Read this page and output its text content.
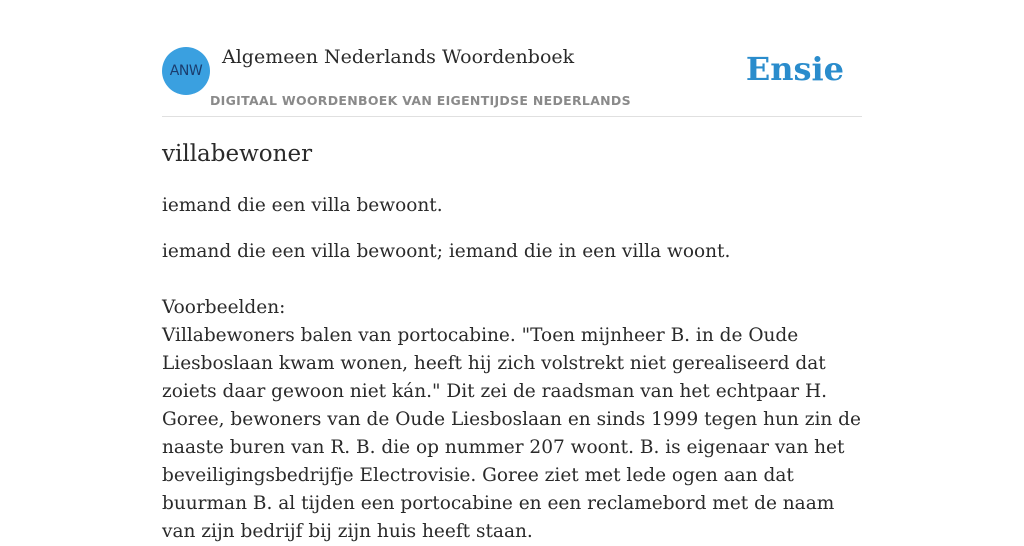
ANW
Algemeen Nederlands Woordenboek
DIGITAAL WOORDENBOEK VAN EIGENTIJDSE NEDERLANDS
Ensie
villabewoner

iemand die een villa bewoont.

iemand die een villa bewoont; iemand die in een villa woont.

Voorbeelden:
Villabewoners balen van portocabine. "Toen mijnheer B. in de Oude Liesboslaan kwam wonen, heeft hij zich volstrekt niet gerealiseerd dat zoiets daar gewoon niet kán." Dit zei de raadsman van het echtpaar H. Goree, bewoners van de Oude Liesboslaan en sinds 1999 tegen hun zin de naaste buren van R. B. die op nummer 207 woont. B. is eigenaar van het beveiligingsbedrijfje Electrovisie. Goree ziet met lede ogen aan dat buurman B. al tijden een portocabine en een reclamebord met de naam van zijn bedrijf bij zijn huis heeft staan.
